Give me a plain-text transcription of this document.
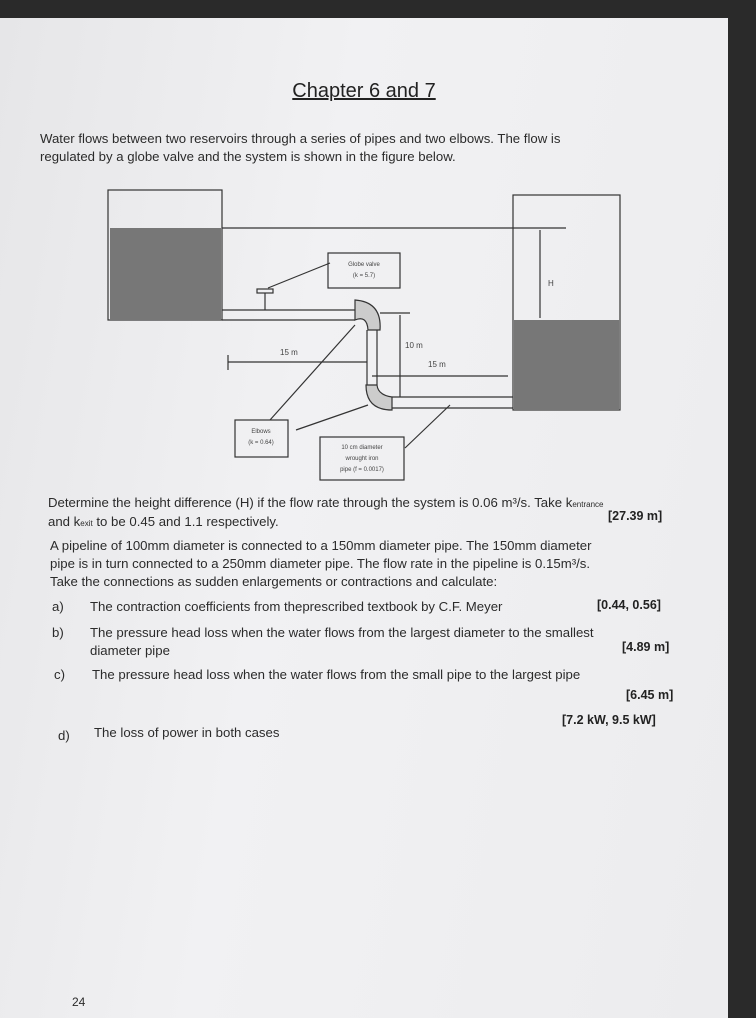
Chapter 6 and 7
Water flows between two reservoirs through a series of pipes and two elbows. The flow is
regulated by a globe valve and the system is shown in the figure below.
H
15 m
10 m
15 m
Globe valve
(k = 5.7)
Elbows
(k = 0.64)
10 cm diameter
wrought iron
pipe (f = 0.0017)
Determine the height difference (H) if the flow rate through the system is 0.06 m³/s. Take kentrance
and kexit to be 0.45 and 1.1 respectively.	[27.39 m]
A pipeline of 100mm diameter is connected to a 150mm diameter pipe. The 150mm diameter
pipe is in turn connected to a 250mm diameter pipe. The flow rate in the pipeline is 0.15m³/s.
Take the connections as sudden enlargements or contractions and calculate:
a) The contraction coefficients from theprescribed textbook by C.F. Meyer	[0.44, 0.56]
b) The pressure head loss when the water flows from the largest diameter to the smallest
diameter pipe	[4.89 m]
c) The pressure head loss when the water flows from the small pipe to the largest pipe
[6.45 m]
d) The loss of power in both cases
[7.2 kW, 9.5 kW]
24
